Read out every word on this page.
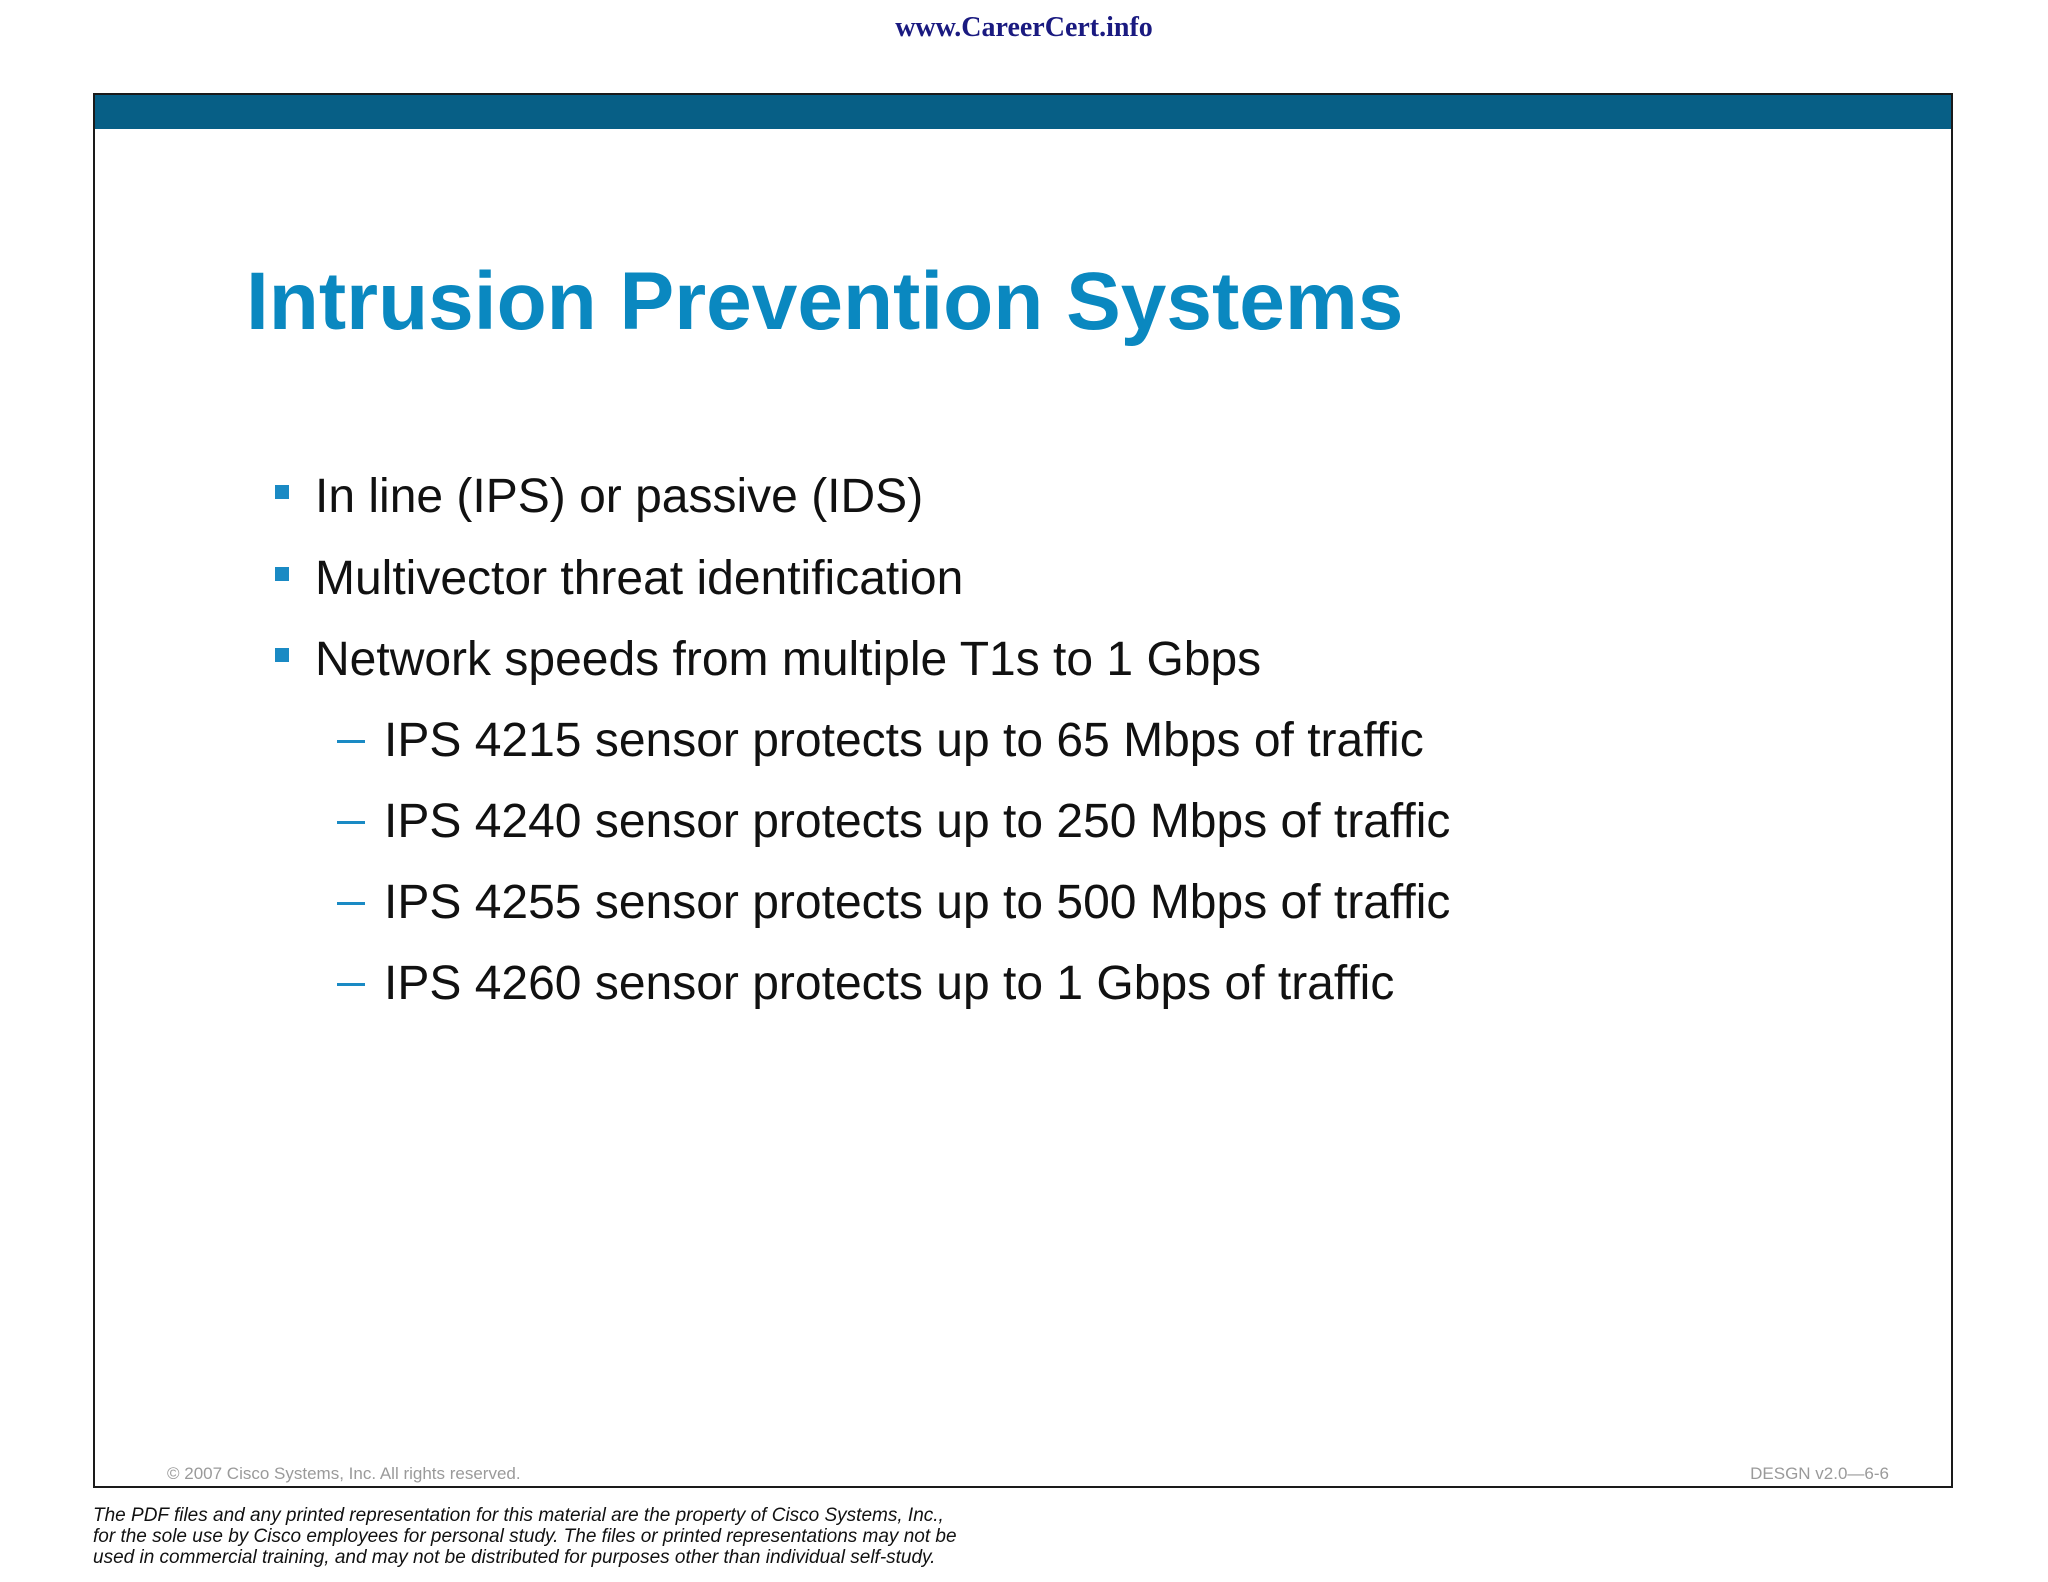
www.CareerCert.info
Intrusion Prevention Systems
In line (IPS) or passive (IDS)
Multivector threat identification
Network speeds from multiple T1s to 1 Gbps
IPS 4215 sensor protects up to 65 Mbps of traffic
IPS 4240 sensor protects up to 250 Mbps of traffic
IPS 4255 sensor protects up to 500 Mbps of traffic
IPS 4260 sensor protects up to 1 Gbps of traffic
© 2007 Cisco Systems, Inc. All rights reserved.	DESGN v2.0—6-6
The PDF files and any printed representation for this material are the property of Cisco Systems, Inc.,
for the sole use by Cisco employees for personal study. The files or printed representations may not be
used in commercial training, and may not be distributed for purposes other than individual self-study.
